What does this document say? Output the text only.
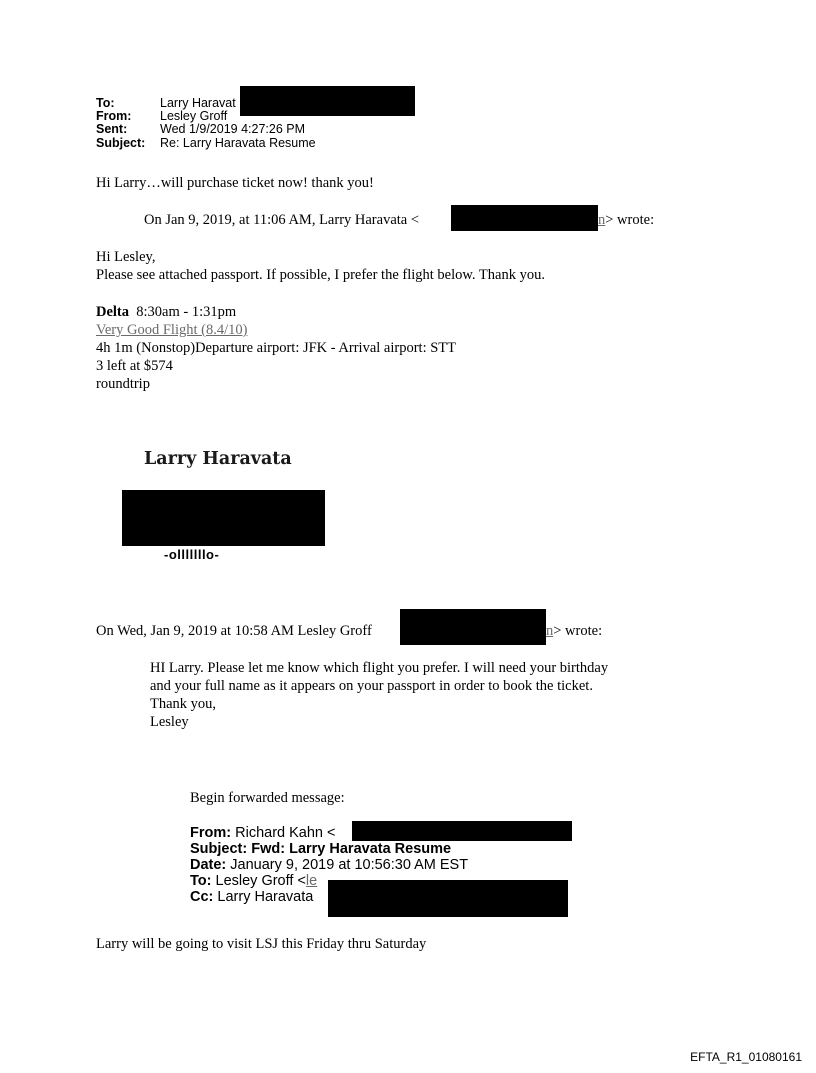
To:	Larry Haravat
From: Lesley Groff
Sent:	Wed 1/9/2019 4:27:26 PM
Subject: Re: Larry Haravata Resume
Hi Larry…will purchase ticket now! thank you!
On Jan 9, 2019, at 11:06 AM, Larry Haravata <	n> wrote:
Hi Lesley,
Please see attached passport. If possible, I prefer the flight below. Thank you.
Delta 8:30am - 1:31pm
Very Good Flight (8.4/10)
4h 1m (Nonstop)Departure airport: JFK - Arrival airport: STT
3 left at $574
roundtrip
Larry Haravata
-olllllllo-
On Wed, Jan 9, 2019 at 10:58 AM Lesley Groff	n> wrote:
HI Larry. Please let me know which flight you prefer. I will need your birthday
and your full name as it appears on your passport in order to book the ticket.
Thank you,
Lesley
Begin forwarded message:
From: Richard Kahn <
Subject: Fwd: Larry Haravata Resume
Date: January 9, 2019 at 10:56:30 AM EST
To: Lesley Groff <le
Cc: Larry Haravata
Larry will be going to visit LSJ this Friday thru Saturday
EFTA_R1_01080161
